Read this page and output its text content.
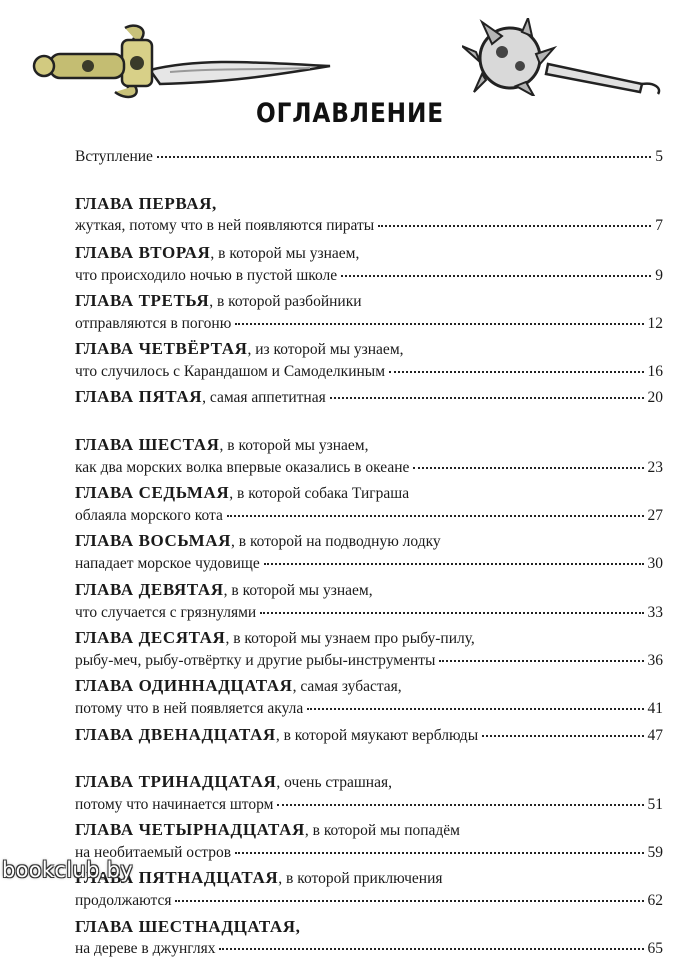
ОГЛАВЛЕНИЕ
Вступление	5
ГЛАВА ПЕРВАЯ,
жуткая, потому что в ней появляются пираты	7
ГЛАВА ВТОРАЯ , в которой мы узнаем,
что происходило ночью в пустой школе	9
ГЛАВА ТРЕТЬЯ , в которой разбойники
отправляются в погоню	12
ГЛАВА ЧЕТВЁРТАЯ , из которой мы узнаем,
что случилось с Карандашом и Самоделкиным	16
ГЛАВА ПЯТАЯ , самая аппетитная	20
ГЛАВА ШЕСТАЯ , в которой мы узнаем,
как два морских волка впервые оказались в океане	23
ГЛАВА СЕДЬМАЯ , в которой собака Тиграша
облаяла морского кота	27
ГЛАВА ВОСЬМАЯ , в которой на подводную лодку
нападает морское чудовище	30
ГЛАВА ДЕВЯТАЯ , в которой мы узнаем,
что случается с грязнулями	33
ГЛАВА ДЕСЯТАЯ , в которой мы узнаем про рыбу-пилу,
рыбу-меч, рыбу-отвёртку и другие рыбы-инструменты	36
ГЛАВА ОДИННАДЦАТАЯ , самая зубастая,
потому что в ней появляется акула	41
ГЛАВА ДВЕНАДЦАТАЯ , в которой мяукают верблюды	47
ГЛАВА ТРИНАДЦАТАЯ , очень страшная,
потому что начинается шторм	51
ГЛАВА ЧЕТЫРНАДЦАТАЯ , в которой мы попадём
на необитаемый остров	59
ГЛАВА ПЯТНАДЦАТАЯ , в которой приключения
продолжаются	62
ГЛАВА ШЕСТНАДЦАТАЯ,
на дереве в джунглях	65
bookclub.by
